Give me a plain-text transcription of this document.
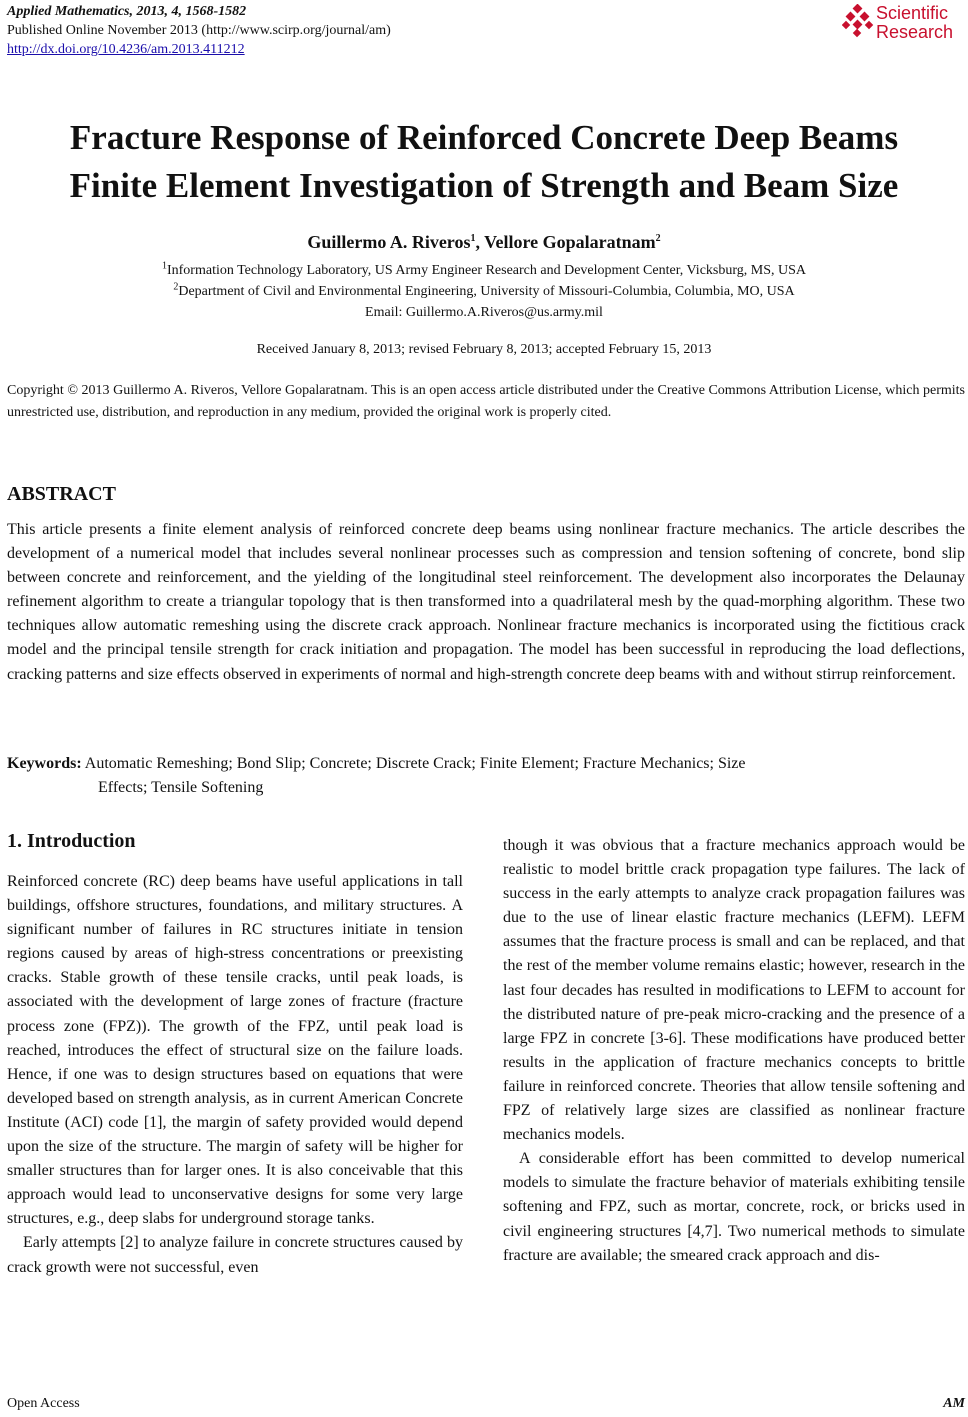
Applied Mathematics, 2013, 4, 1568-1582
Published Online November 2013 (http://www.scirp.org/journal/am)
http://dx.doi.org/10.4236/am.2013.411212
Scientific
Research
Fracture Response of Reinforced Concrete Deep Beams
Finite Element Investigation of Strength and Beam Size
Guillermo A. Riveros$^1$, Vellore Gopalaratnam$^2$
$^1$Information Technology Laboratory, US Army Engineer Research and Development Center, Vicksburg, MS, USA
$^2$Department of Civil and Environmental Engineering, University of Missouri-Columbia, Columbia, MO, USA
Email: Guillermo.A.Riveros@us.army.mil
Received January 8, 2013; revised February 8, 2013; accepted February 15, 2013
Copyright © 2013 Guillermo A. Riveros, Vellore Gopalaratnam. This is an open access article distributed under the Creative Commons Attribution License, which permits unrestricted use, distribution, and reproduction in any medium, provided the original work is properly cited.
ABSTRACT
This article presents a finite element analysis of reinforced concrete deep beams using nonlinear fracture mechanics. The article describes the development of a numerical model that includes several nonlinear processes such as compression and tension softening of concrete, bond slip between concrete and reinforcement, and the yielding of the longitudinal steel reinforcement. The development also incorporates the Delaunay refinement algorithm to create a triangular topology that is then transformed into a quadrilateral mesh by the quad-morphing algorithm. These two techniques allow automatic remeshing using the discrete crack approach. Nonlinear fracture mechanics is incorporated using the fictitious crack model and the principal tensile strength for crack initiation and propagation. The model has been successful in reproducing the load deflections, cracking patterns and size effects observed in experiments of normal and high-strength concrete deep beams with and without stirrup reinforcement.
Keywords: Automatic Remeshing; Bond Slip; Concrete; Discrete Crack; Finite Element; Fracture Mechanics; Size
Effects; Tensile Softening
1. Introduction

Reinforced concrete (RC) deep beams have useful applications in tall buildings, offshore structures, foundations, and military structures. A significant number of failures in RC structures initiate in tension regions caused by areas of high-stress concentrations or preexisting cracks. Stable growth of these tensile cracks, until peak loads, is associated with the development of large zones of fracture (fracture process zone (FPZ)). The growth of the FPZ, until peak load is reached, introduces the effect of structural size on the failure loads. Hence, if one was to design structures based on equations that were developed based on strength analysis, as in current American Concrete Institute (ACI) code [1], the margin of safety provided would depend upon the size of the structure. The margin of safety will be higher for smaller structures than for larger ones. It is also conceivable that this approach would lead to unconservative designs for some very large structures, e.g., deep slabs for underground storage tanks.

Early attempts [2] to analyze failure in concrete structures caused by crack growth were not successful, even

though it was obvious that a fracture mechanics approach would be realistic to model brittle crack propagation type failures. The lack of success in the early attempts to analyze crack propagation failures was due to the use of linear elastic fracture mechanics (LEFM). LEFM assumes that the fracture process is small and can be replaced, and that the rest of the member volume remains elastic; however, research in the last four decades has resulted in modifications to LEFM to account for the distributed nature of pre-peak micro-cracking and the presence of a large FPZ in concrete [3-6]. These modifications have produced better results in the application of fracture mechanics concepts to brittle failure in reinforced concrete. Theories that allow tensile softening and FPZ of relatively large sizes are classified as nonlinear fracture mechanics models.

A considerable effort has been committed to develop numerical models to simulate the fracture behavior of materials exhibiting tensile softening and FPZ, such as mortar, concrete, rock, or bricks used in civil engineering structures [4,7]. Two numerical methods to simulate fracture are available; the smeared crack approach and dis-

Open Access	AM
